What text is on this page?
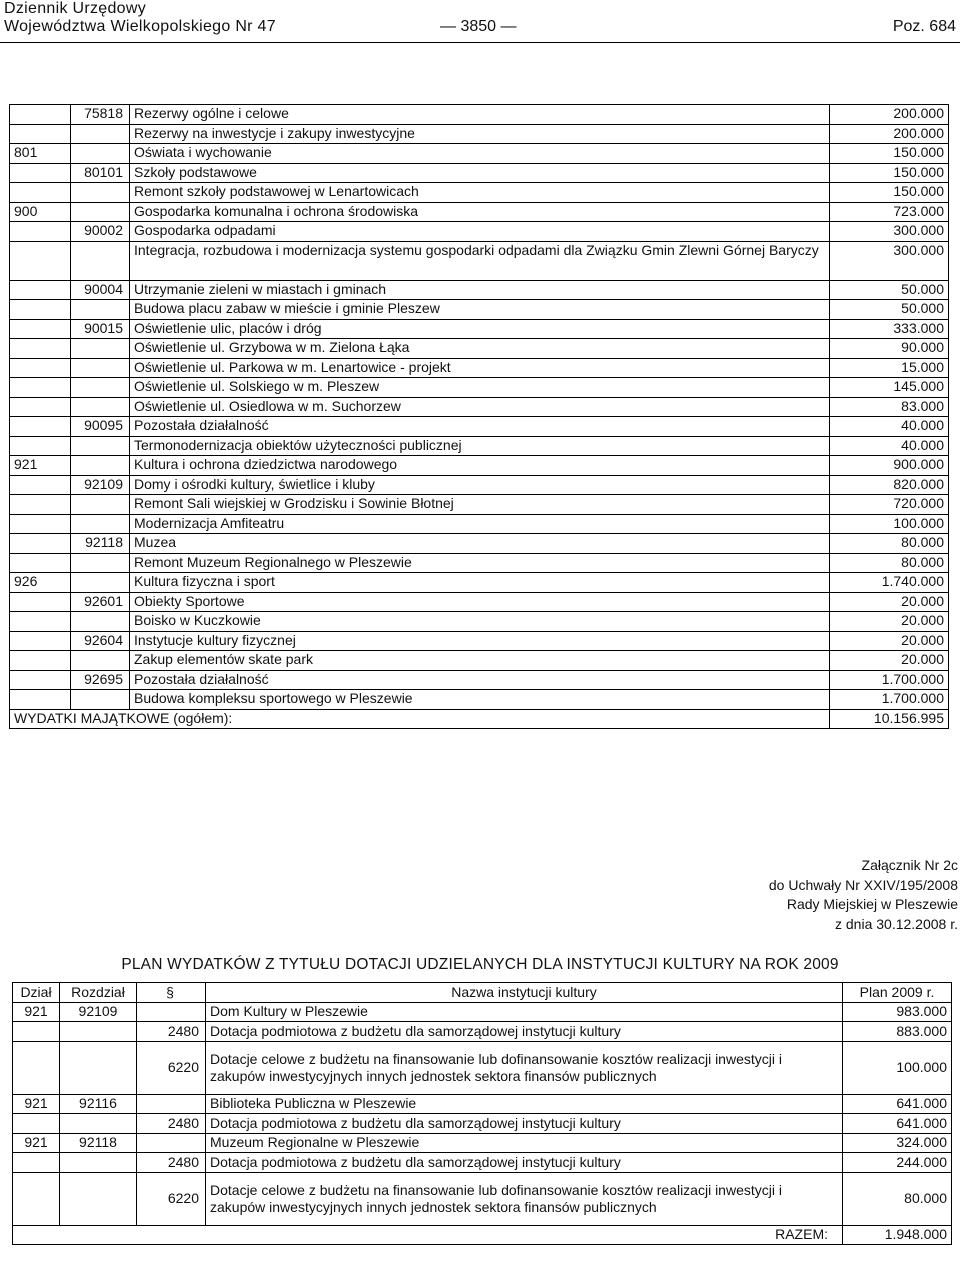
Dziennik Urzędowy
Województwa Wielkopolskiego Nr 47	— 3850 —	Poz. 684
	75818	Rezerwy ogólne i celowe	200.000
		Rezerwy na inwestycje i zakupy inwestycyjne	200.000
801		Oświata i wychowanie	150.000
	80101	Szkoły podstawowe	150.000
		Remont szkoły podstawowej w Lenartowicach	150.000
900		Gospodarka komunalna i ochrona środowiska	723.000
	90002	Gospodarka odpadami	300.000
		Integracja, rozbudowa i modernizacja systemu gospodarki odpadami dla Związku Gmin Zlewni Górnej Baryczy	300.000
	90004	Utrzymanie zieleni w miastach i gminach	50.000
		Budowa placu zabaw w mieście i gminie Pleszew	50.000
	90015	Oświetlenie ulic, placów i dróg	333.000
		Oświetlenie ul. Grzybowa w m. Zielona Łąka	90.000
		Oświetlenie ul. Parkowa w m. Lenartowice - projekt	15.000
		Oświetlenie ul. Solskiego w m. Pleszew	145.000
		Oświetlenie ul. Osiedlowa w m. Suchorzew	83.000
	90095	Pozostała działalność	40.000
		Termonodernizacja obiektów użyteczności publicznej	40.000
921		Kultura i ochrona dziedzictwa narodowego	900.000
	92109	Domy i ośrodki kultury, świetlice i kluby	820.000
		Remont Sali wiejskiej w Grodzisku i Sowinie Błotnej	720.000
		Modernizacja Amfiteatru	100.000
	92118	Muzea	80.000
		Remont Muzeum Regionalnego w Pleszewie	80.000
926		Kultura fizyczna i sport	1.740.000
	92601	Obiekty Sportowe	20.000
		Boisko w Kuczkowie	20.000
	92604	Instytucje kultury fizycznej	20.000
		Zakup elementów skate park	20.000
	92695	Pozostała działalność	1.700.000
		Budowa kompleksu sportowego w Pleszewie	1.700.000
WYDATKI MAJĄTKOWE (ogółem):			10.156.995
Załącznik Nr 2c
do Uchwały Nr XXIV/195/2008
Rady Miejskiej w Pleszewie
z dnia 30.12.2008 r.
PLAN WYDATKÓW Z TYTUŁU DOTACJI UDZIELANYCH DLA INSTYTUCJI KULTURY NA ROK 2009
Dział	Rozdział	§	Nazwa instytucji kultury	Plan 2009 r.
921	92109		Dom Kultury w Pleszewie	983.000
		2480	Dotacja podmiotowa z budżetu dla samorządowej instytucji kultury	883.000
		6220	Dotacje celowe z budżetu na finansowanie lub dofinansowanie kosztów realizacji inwestycji i zakupów inwestycyjnych innych jednostek sektora finansów publicznych	100.000
921	92116		Biblioteka Publiczna w Pleszewie	641.000
		2480	Dotacja podmiotowa z budżetu dla samorządowej instytucji kultury	641.000
921	92118		Muzeum Regionalne w Pleszewie	324.000
		2480	Dotacja podmiotowa z budżetu dla samorządowej instytucji kultury	244.000
		6220	Dotacje celowe z budżetu na finansowanie lub dofinansowanie kosztów realizacji inwestycji i zakupów inwestycyjnych innych jednostek sektora finansów publicznych	80.000
RAZEM:				1.948.000
